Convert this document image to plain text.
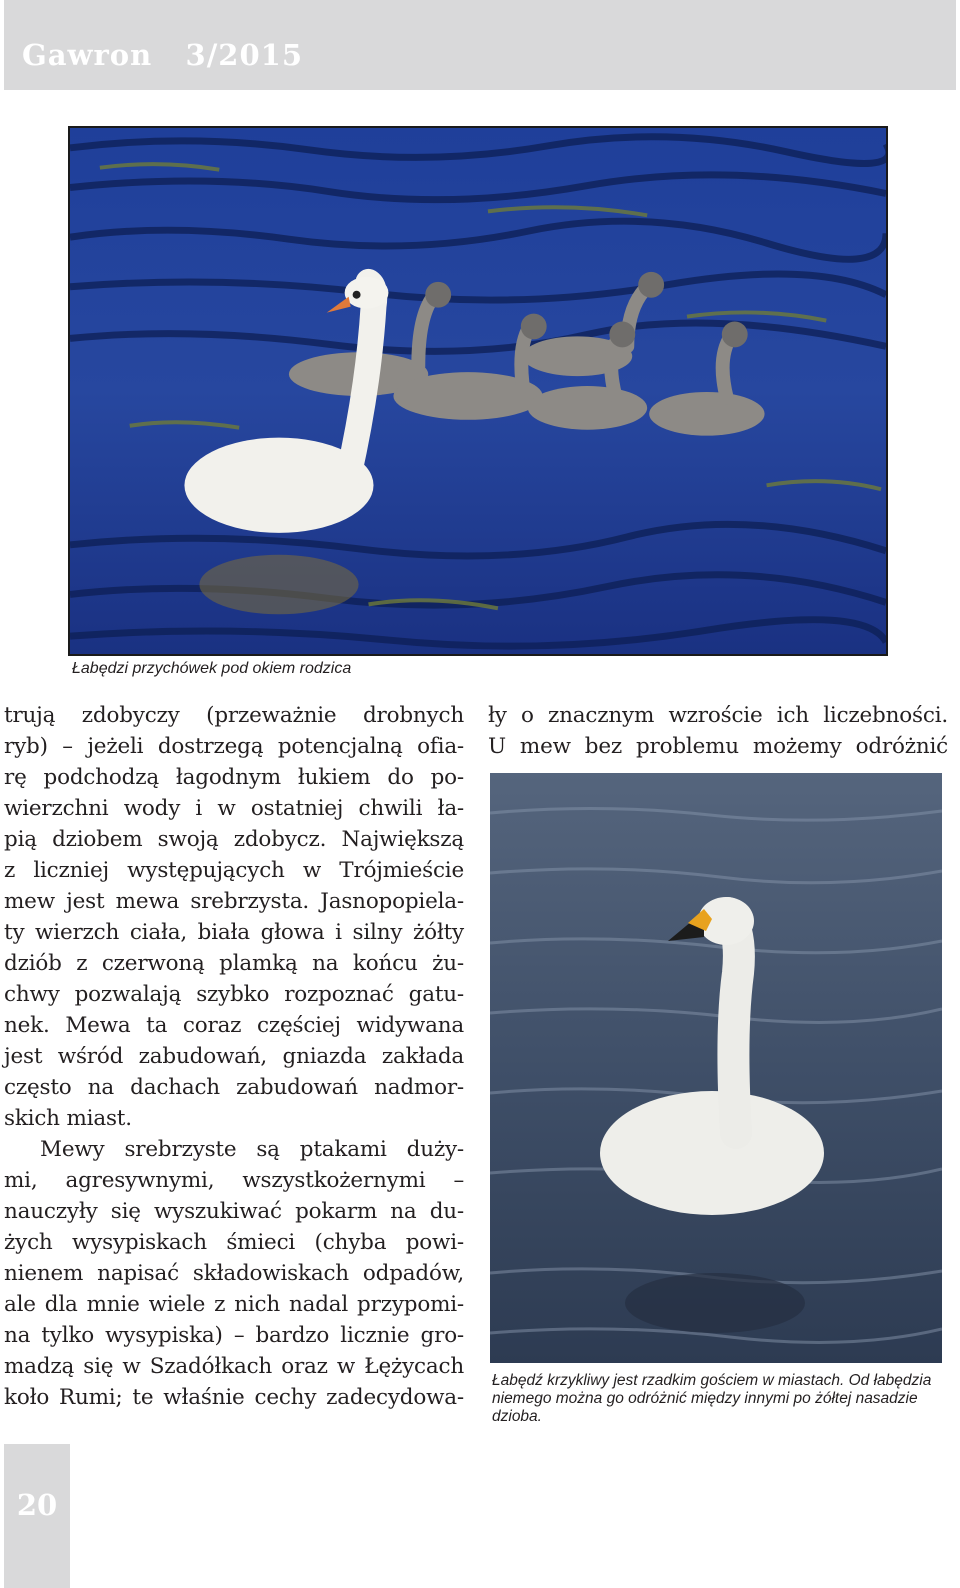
Gawron   3/2015
Łabędzi przychówek pod okiem rodzica
Łabędź krzykliwy jest rzadkim gościem w miastach. Od łabędzia niemego można go odróżnić między innymi po żółtej nasadzie dzioba.
trują zdobyczy (przeważnie drobnych
ryb) – jeżeli dostrzegą potencjalną ofia-
rę podchodzą łagodnym łukiem do po-
wierzchni wody i w ostatniej chwili ła-
pią dziobem swoją zdobycz. Największą
z liczniej występujących w Trójmieście
mew jest mewa srebrzysta. Jasnopopiela-
ty wierzch ciała, biała głowa i silny żółty
dziób z czerwoną plamką na końcu żu-
chwy pozwalają szybko rozpoznać gatu-
nek. Mewa ta coraz częściej widywana
jest wśród zabudowań, gniazda zakłada
często na dachach zabudowań nadmor-
skich miast.
Mewy srebrzyste są ptakami duży-
mi, agresywnymi, wszystkożernymi –
nauczyły się wyszukiwać pokarm na du-
żych wysypiskach śmieci (chyba powi-
nienem napisać składowiskach odpadów,
ale dla mnie wiele z nich nadal przypomi-
na tylko wysypiska) – bardzo licznie gro-
madzą się w Szadółkach oraz w Łężycach
koło Rumi; te właśnie cechy zadecydowa-
ły o znacznym wzroście ich liczebności.
U mew bez problemu możemy odróżnić
20
